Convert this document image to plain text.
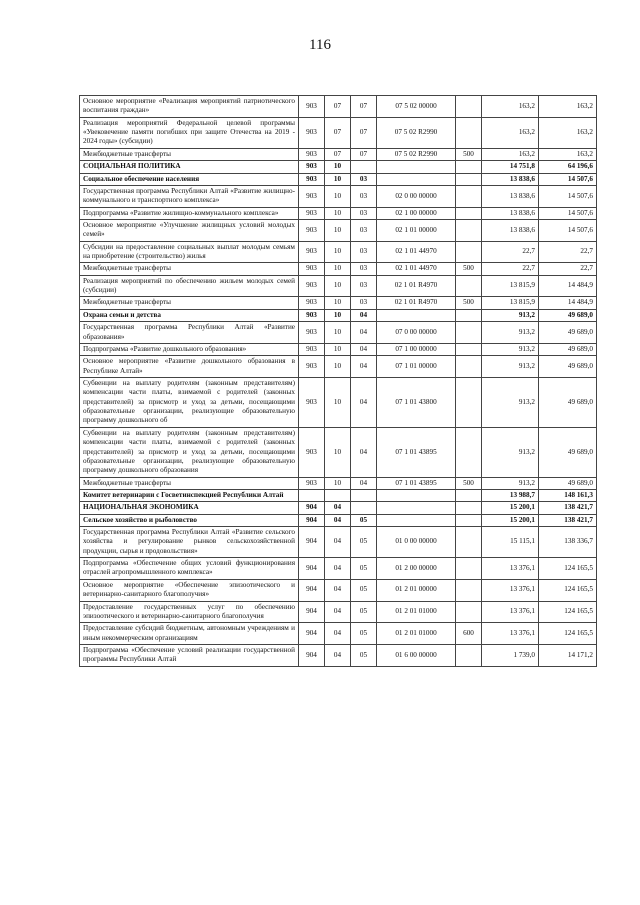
116
Основное мероприятие «Реализация мероприятий патриотического воспитания граждан»	903	07	07	07 5 02 00000		163,2	163,2
Реализация мероприятий Федеральной целевой программы «Увековечение памяти погибших при защите Отечества на 2019 - 2024 годы» (субсидии)	903	07	07	07 5 02 R2990		163,2	163,2
Межбюджетные трансферты	903	07	07	07 5 02 R2990	500	163,2	163,2
СОЦИАЛЬНАЯ ПОЛИТИКА	903	10				14 751,8	64 196,6
Социальное обеспечение населения	903	10	03			13 838,6	14 507,6
Государственная программа Республики Алтай «Развитие жилищно-коммунального и транспортного комплекса»	903	10	03	02 0 00 00000		13 838,6	14 507,6
Подпрограмма «Развитие жилищно-коммунального комплекса»	903	10	03	02 1 00 00000		13 838,6	14 507,6
Основное мероприятие «Улучшение жилищных условий молодых семей»	903	10	03	02 1 01 00000		13 838,6	14 507,6
Субсидии на предоставление социальных выплат молодым семьям на приобретение (строительство) жилья	903	10	03	02 1 01 44970		22,7	22,7
Межбюджетные трансферты	903	10	03	02 1 01 44970	500	22,7	22,7
Реализация мероприятий по обеспечению жильем молодых семей (субсидии)	903	10	03	02 1 01 R4970		13 815,9	14 484,9
Межбюджетные трансферты	903	10	03	02 1 01 R4970	500	13 815,9	14 484,9
Охрана семьи и детства	903	10	04			913,2	49 689,0
Государственная программа Республики Алтай «Развитие образования»	903	10	04	07 0 00 00000		913,2	49 689,0
Подпрограмма «Развитие дошкольного образования»	903	10	04	07 1 00 00000		913,2	49 689,0
Основное мероприятие «Развитие дошкольного образования в Республике Алтай»	903	10	04	07 1 01 00000		913,2	49 689,0
Субвенции на выплату родителям (законным представителям) компенсации части платы, взимаемой с родителей (законных представителей) за присмотр и уход за детьми, посещающими образовательные организации, реализующие образовательную программу дошкольного об	903	10	04	07 1 01 43800		913,2	49 689,0
Субвенции на выплату родителям (законным представителям) компенсации части платы, взимаемой с родителей (законных представителей) за присмотр и уход за детьми, посещающими образовательные организации, реализующие образовательную программу дошкольного образования	903	10	04	07 1 01 43895		913,2	49 689,0
Межбюджетные трансферты	903	10	04	07 1 01 43895	500	913,2	49 689,0
Комитет ветеринарии с Госветинспекцией Республики Алтай						13 988,7	148 161,3
НАЦИОНАЛЬНАЯ ЭКОНОМИКА	904	04				15 200,1	138 421,7
Сельское хозяйство и рыболовство	904	04	05			15 200,1	138 421,7
Государственная программа Республики Алтай «Развитие сельского хозяйства и регулирование рынков сельскохозяйственной продукции, сырья и продовольствия»	904	04	05	01 0 00 00000		15 115,1	138 336,7
Подпрограмма «Обеспечение общих условий функционирования отраслей агропромышленного комплекса»	904	04	05	01 2 00 00000		13 376,1	124 165,5
Основное мероприятие «Обеспечение эпизоотического и ветеринарно-санитарного благополучия»	904	04	05	01 2 01 00000		13 376,1	124 165,5
Предоставление государственных услуг по обеспечению эпизоотического и ветеринарно-санитарного благополучия	904	04	05	01 2 01 01000		13 376,1	124 165,5
Предоставление субсидий бюджетным, автономным учреждениям и иным некоммерческим организациям	904	04	05	01 2 01 01000	600	13 376,1	124 165,5
Подпрограмма «Обеспечение условий реализации государственной программы Республики Алтай	904	04	05	01 6 00 00000		1 739,0	14 171,2
